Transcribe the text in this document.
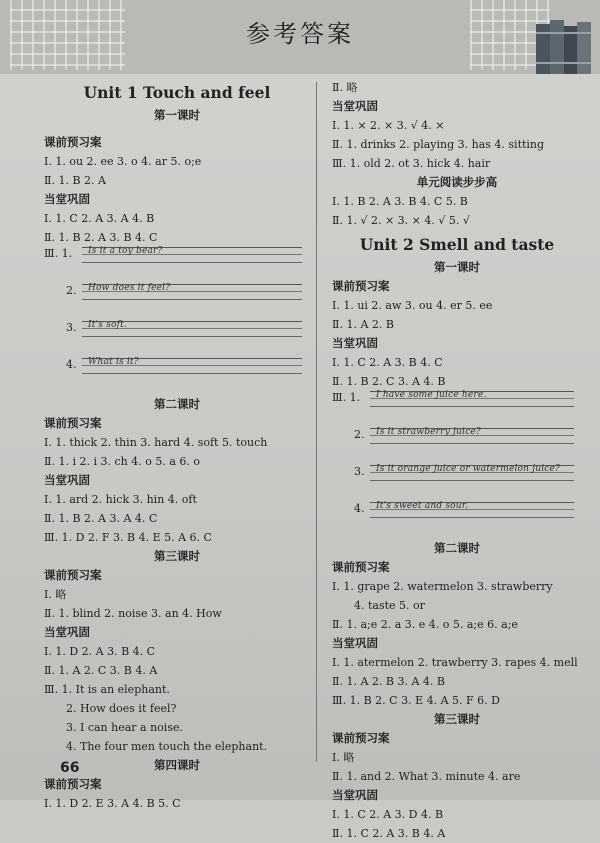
参考答案
Unit 1 Touch and feel
第一课时
课前预习案
Ⅰ. 1. ou 2. ee 3. o 4. ar 5. o;e
Ⅱ. 1. B 2. A
当堂巩固
Ⅰ. 1. C 2. A 3. A 4. B
Ⅱ. 1. B 2. A 3. B 4. C
Ⅲ. 1. Is it a toy bear?
2. How does it feel?
3. It's soft.
4. What is it?
第二课时
课前预习案
Ⅰ. 1. thick 2. thin 3. hard 4. soft 5. touch
Ⅱ. 1. i 2. i 3. ch 4. o 5. a 6. o
当堂巩固
Ⅰ. 1. ard 2. hick 3. hin 4. oft
Ⅱ. 1. B 2. A 3. A 4. C
Ⅲ. 1. D 2. F 3. B 4. E 5. A 6. C
第三课时
课前预习案
Ⅰ. 略
Ⅱ. 1. blind 2. noise 3. an 4. How
当堂巩固
Ⅰ. 1. D 2. A 3. B 4. C
Ⅱ. 1. A 2. C 3. B 4. A
Ⅲ. 1. It is an elephant.
2. How does it feel?
3. I can hear a noise.
4. The four men touch the elephant.
第四课时
课前预习案
Ⅰ. 1. D 2. E 3. A 4. B 5. C
Ⅱ. 略
当堂巩固
Ⅰ. 1. × 2. × 3. √ 4. ×
Ⅱ. 1. drinks 2. playing 3. has 4. sitting
Ⅲ. 1. old 2. ot 3. hick 4. hair
单元阅读步步高
Ⅰ. 1. B 2. A 3. B 4. C 5. B
Ⅱ. 1. √ 2. × 3. × 4. √ 5. √
Unit 2 Smell and taste
第一课时
课前预习案
Ⅰ. 1. ui 2. aw 3. ou 4. er 5. ee
Ⅱ. 1. A 2. B
当堂巩固
Ⅰ. 1. C 2. A 3. B 4. C
Ⅱ. 1. B 2. C 3. A 4. B
Ⅲ. 1. I have some juice here.
2. Is it strawberry juice?
3. Is it orange juice or watermelon juice?
4. It's sweet and sour.
第二课时
课前预习案
Ⅰ. 1. grape 2. watermelon 3. strawberry
4. taste 5. or
Ⅱ. 1. a;e 2. a 3. e 4. o 5. a;e 6. a;e
当堂巩固
Ⅰ. 1. atermelon 2. trawberry 3. rapes 4. mell
Ⅱ. 1. A 2. B 3. A 4. B
Ⅲ. 1. B 2. C 3. E 4. A 5. F 6. D
第三课时
课前预习案
Ⅰ. 略
Ⅱ. 1. and 2. What 3. minute 4. are
当堂巩固
Ⅰ. 1. C 2. A 3. D 4. B
Ⅱ. 1. C 2. A 3. B 4. A
66
